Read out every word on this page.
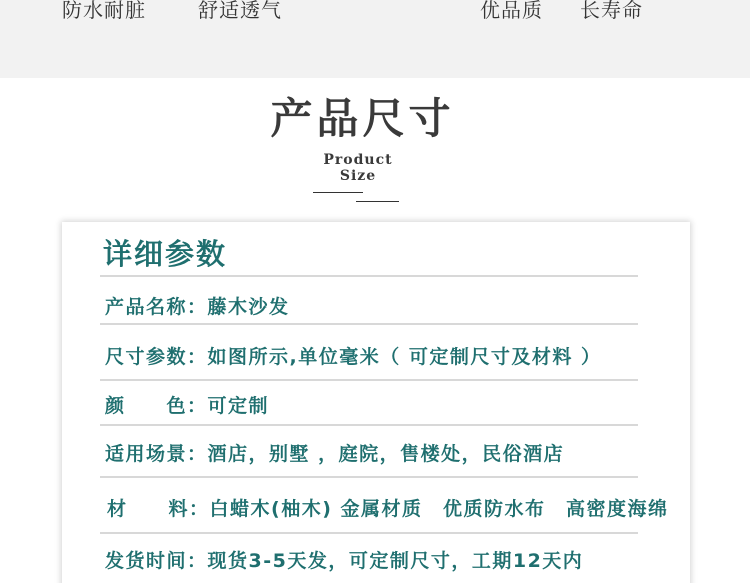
防水耐脏	舒适透气	优品质 长寿命
产品尺寸
Product
Size
详细参数
产品名称：藤木沙发
尺寸参数：如图所示,单位毫米（ 可定制尺寸及材料 ）
颜　　色：可定制
适用场景：酒店，别墅 ，庭院，售楼处，民俗酒店
材　　料：白蜡木(柚木) 金属材质　优质防水布　高密度海绵
发货时间：现货3-5天发，可定制尺寸，工期12天内
